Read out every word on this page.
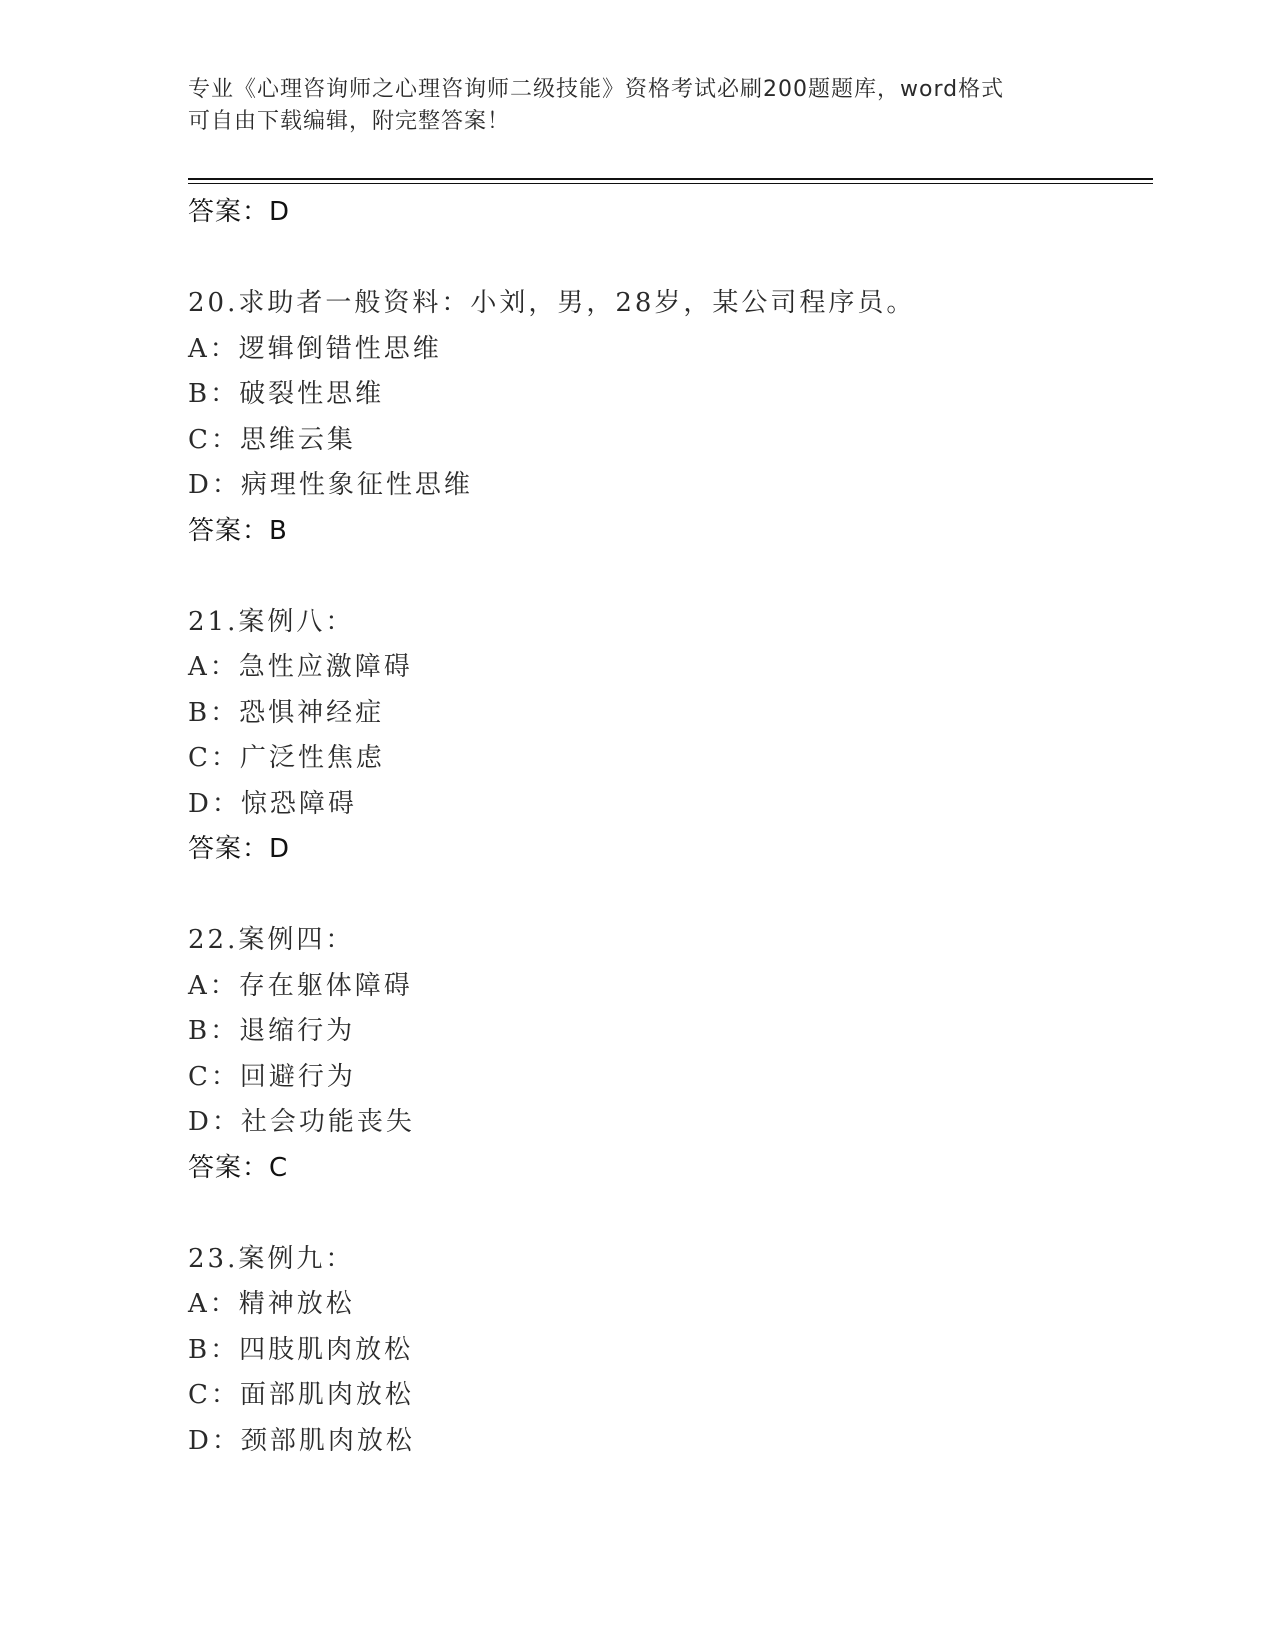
专业《心理咨询师之心理咨询师二级技能》资格考试必刷200题题库，word格式
可自由下载编辑，附完整答案！
答案：D
20.求助者一般资料：小刘，男，28岁，某公司程序员。
A：逻辑倒错性思维
B：破裂性思维
C：思维云集
D：病理性象征性思维
答案：B
21.案例八：
A：急性应激障碍
B：恐惧神经症
C：广泛性焦虑
D：惊恐障碍
答案：D
22.案例四：
A：存在躯体障碍
B：退缩行为
C：回避行为
D：社会功能丧失
答案：C
23.案例九：
A：精神放松
B：四肢肌肉放松
C：面部肌肉放松
D：颈部肌肉放松
